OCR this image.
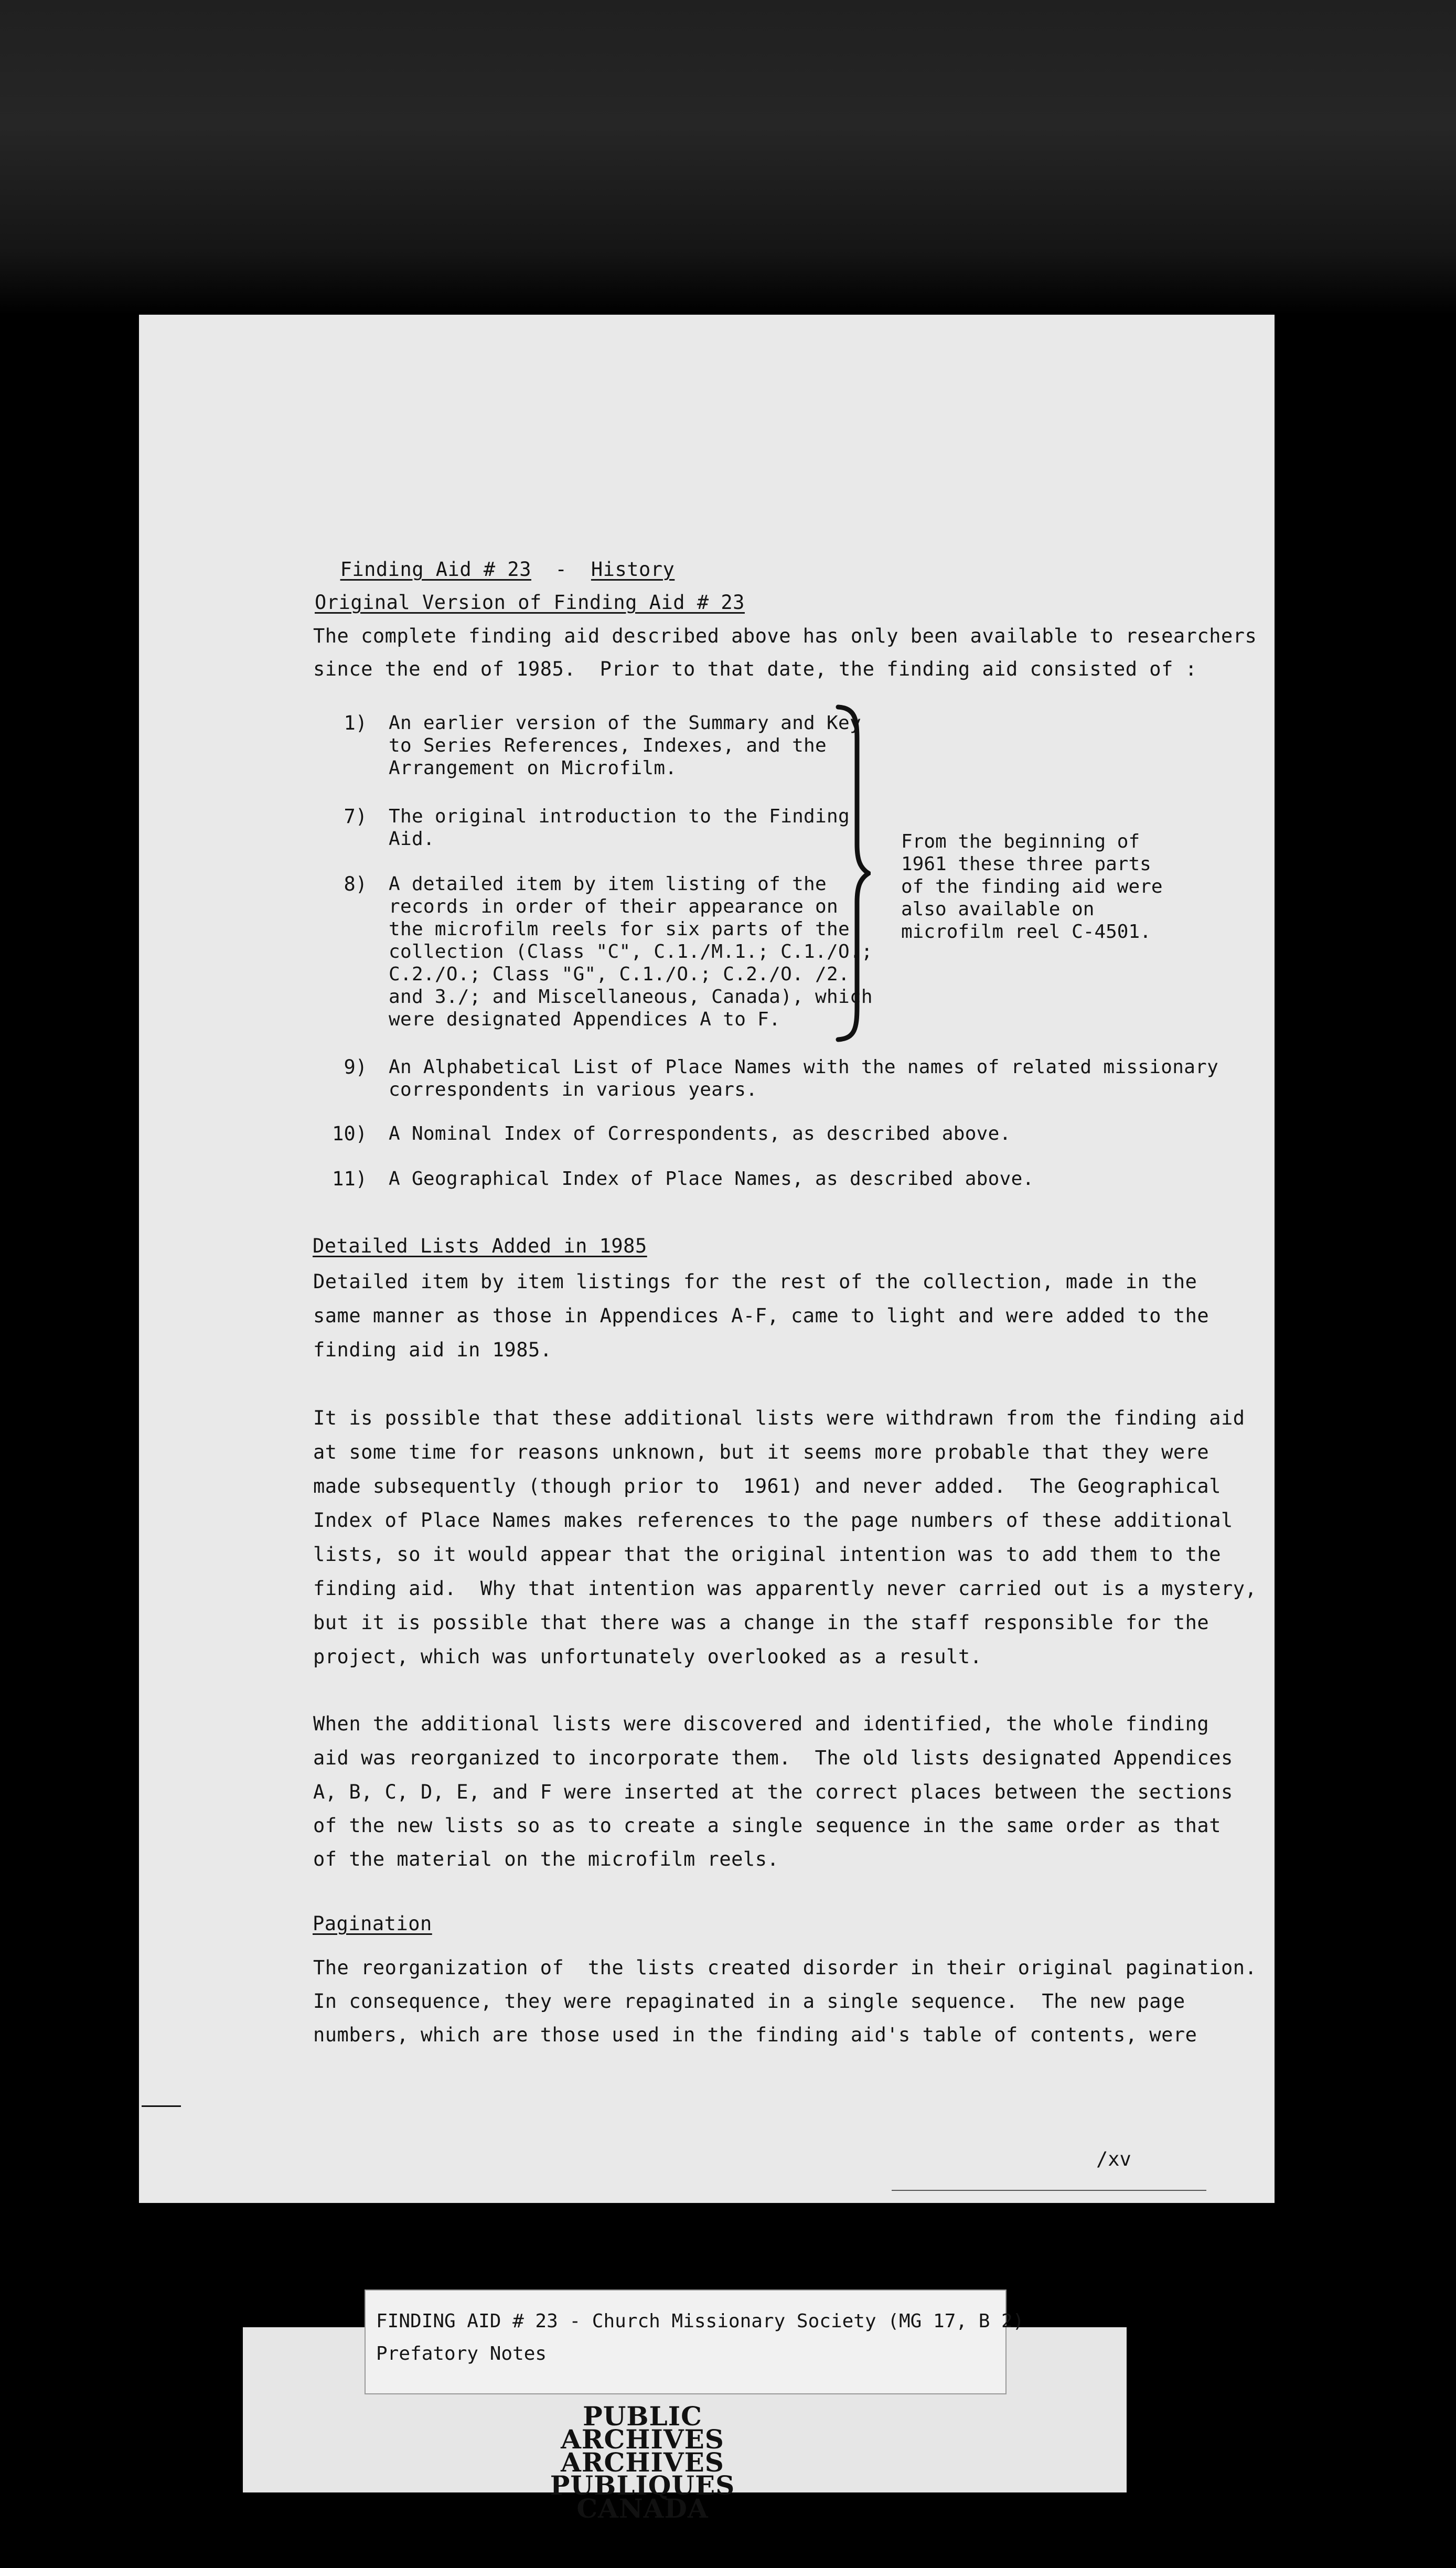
Finding Aid # 23 - History

Original Version of Finding Aid # 23
The complete finding aid described above has only been available to researchers
since the end of 1985.  Prior to that date, the finding aid consisted of :
1) An earlier version of the Summary and Key
to Series References, Indexes, and the
Arrangement on Microfilm.
7) The original introduction to the Finding
Aid.
8) A detailed item by item listing of the
records in order of their appearance on
the microfilm reels for six parts of the
collection (Class "C", C.1./M.1.; C.1./O.;
C.2./O.; Class "G", C.1./O.; C.2./O. /2.
and 3./; and Miscellaneous, Canada), which
were designated Appendices A to F.
9) An Alphabetical List of Place Names with the names of related missionary
correspondents in various years.
10) A Nominal Index of Correspondents, as described above.
11) A Geographical Index of Place Names, as described above.
From the beginning of
1961 these three parts
of the finding aid were
also available on
microfilm reel C-4501.
Detailed Lists Added in 1985
Detailed item by item listings for the rest of the collection, made in the
same manner as those in Appendices A-F, came to light and were added to the
finding aid in 1985.
It is possible that these additional lists were withdrawn from the finding aid
at some time for reasons unknown, but it seems more probable that they were
made subsequently (though prior to  1961) and never added.  The Geographical
Index of Place Names makes references to the page numbers of these additional
lists, so it would appear that the original intention was to add them to the
finding aid.  Why that intention was apparently never carried out is a mystery,
but it is possible that there was a change in the staff responsible for the
project, which was unfortunately overlooked as a result.
When the additional lists were discovered and identified, the whole finding
aid was reorganized to incorporate them.  The old lists designated Appendices
A, B, C, D, E, and F were inserted at the correct places between the sections
of the new lists so as to create a single sequence in the same order as that
of the material on the microfilm reels.
Pagination
The reorganization of  the lists created disorder in their original pagination.
In consequence, they were repaginated in a single sequence.  The new page
numbers, which are those used in the finding aid's table of contents, were
/xv
FINDING AID # 23 - Church Missionary Society (MG 17, B 2)
Prefatory Notes
PUBLIC ARCHIVES
ARCHIVES PUBLIQUES
CANADA
